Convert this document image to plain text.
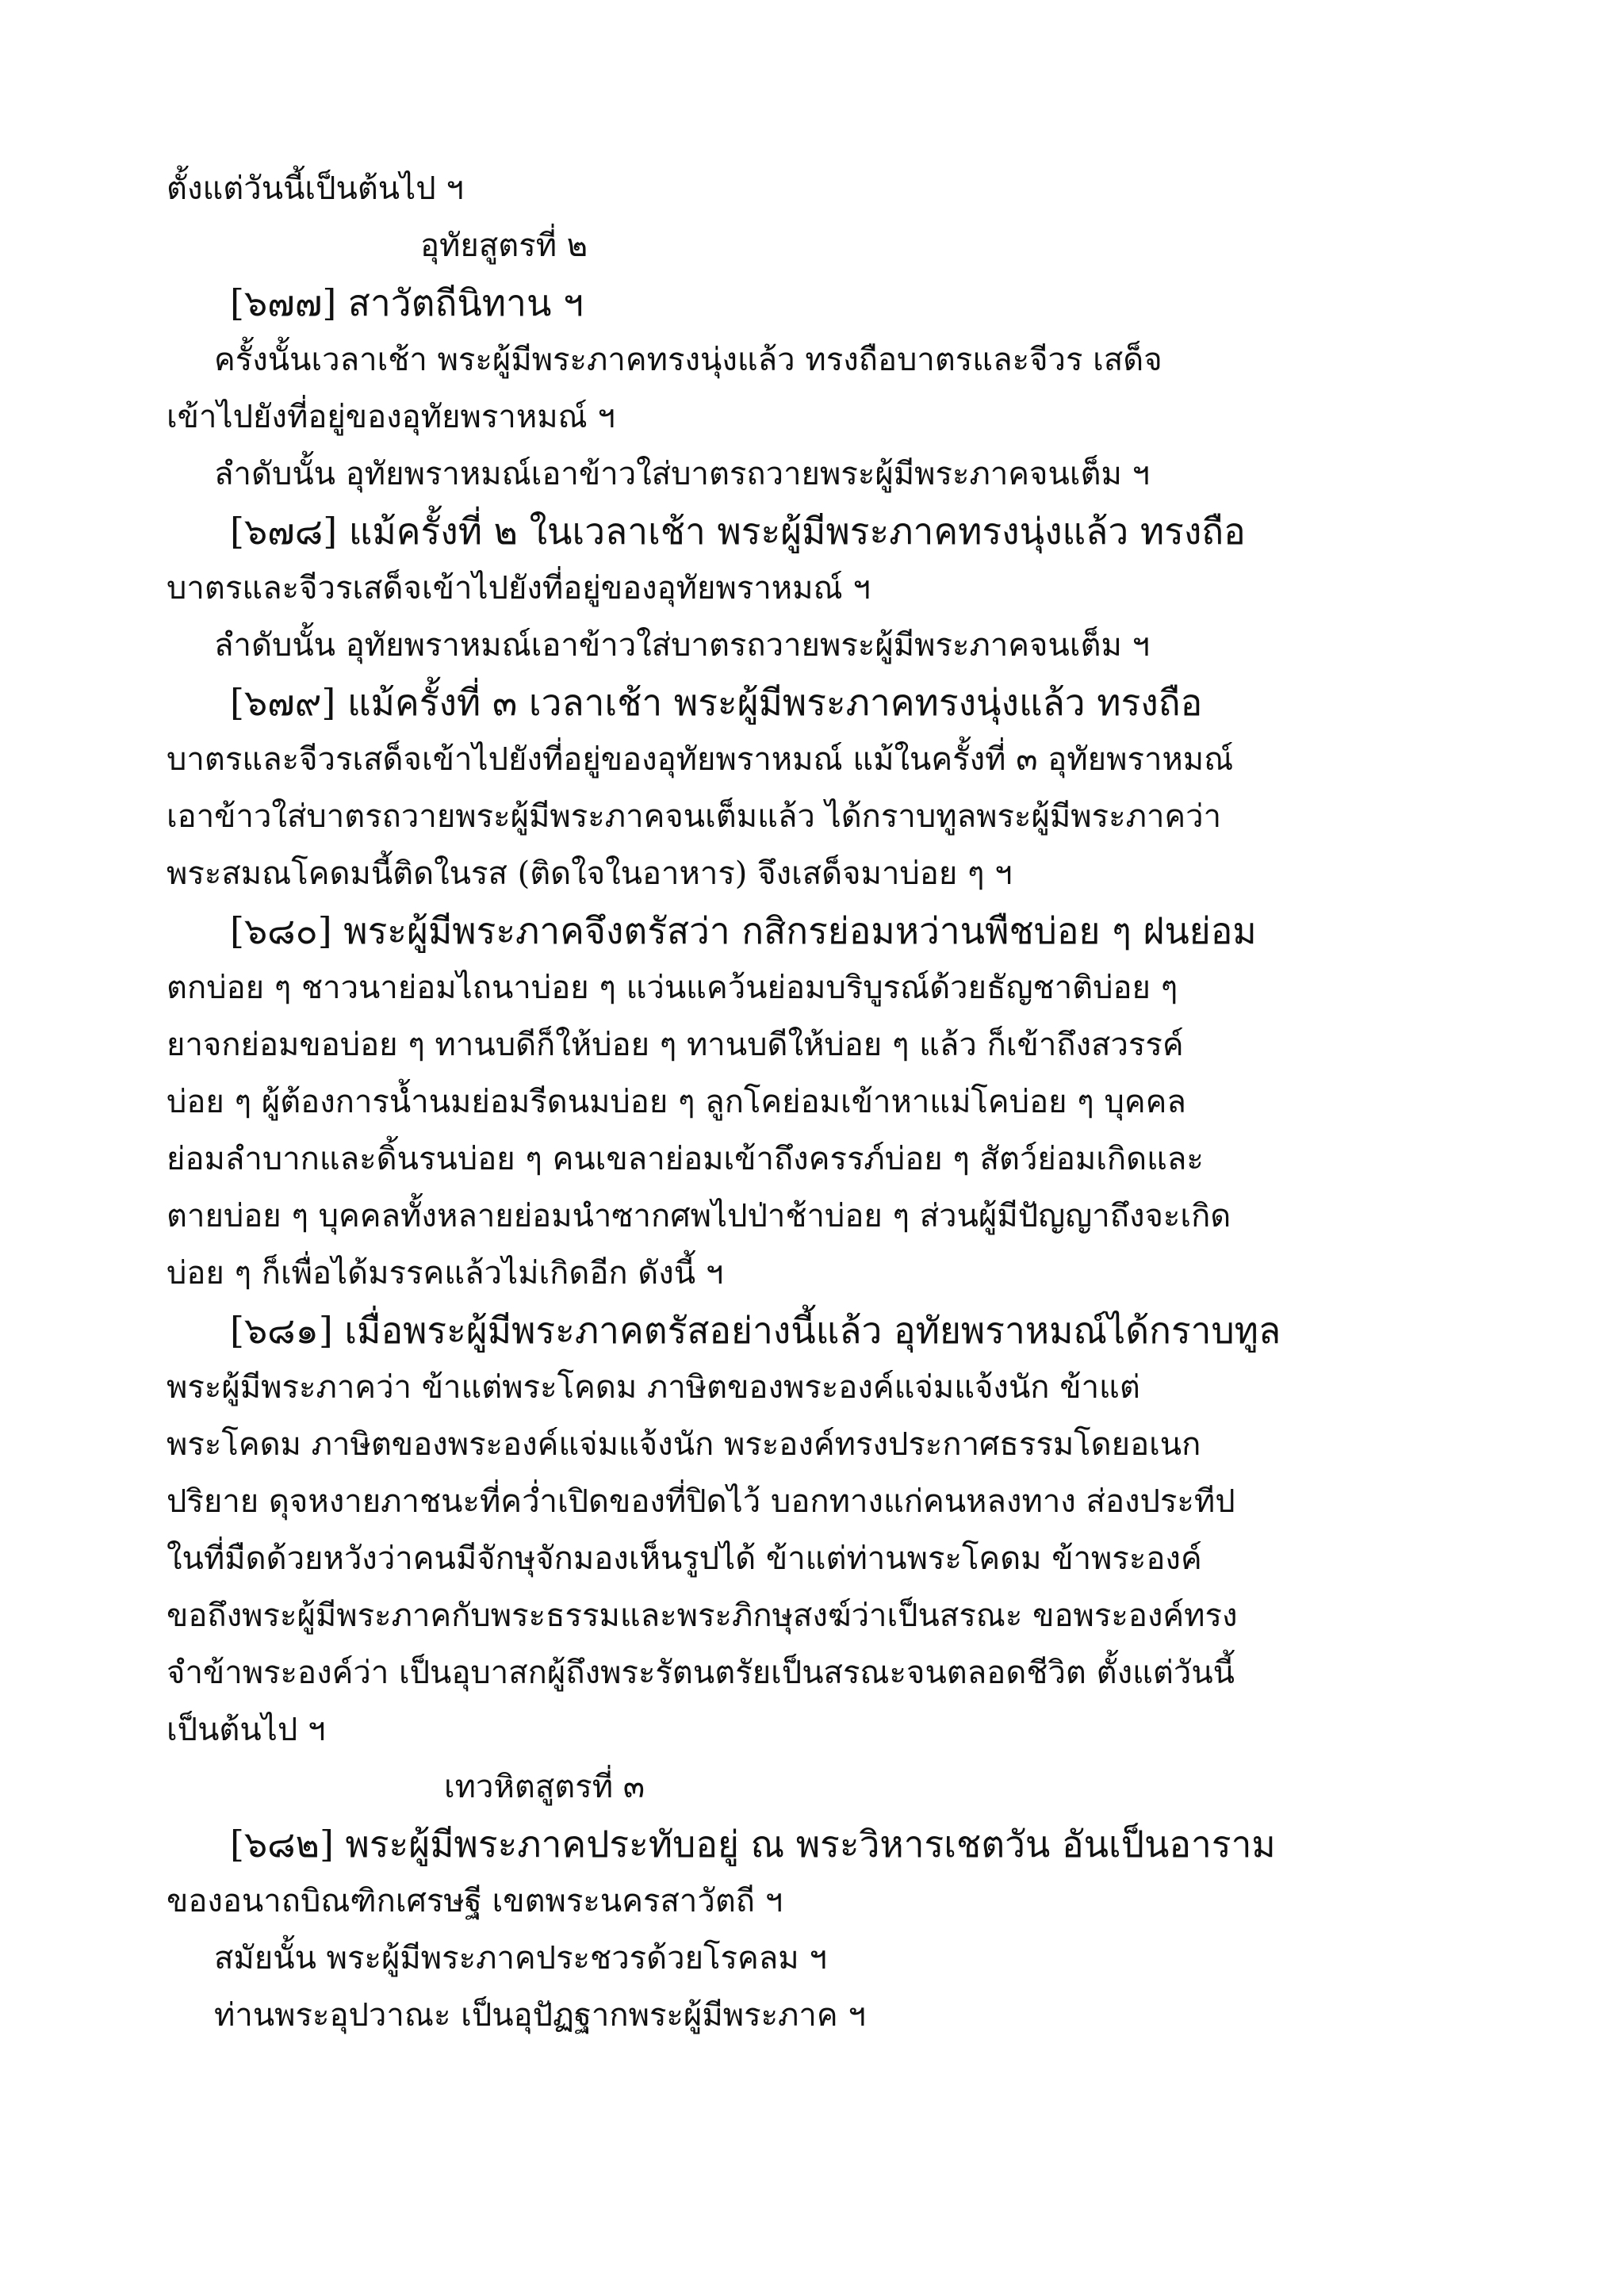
ตั้งแต่วันนี้เป็นต้นไป ฯ
อุทัยสูตรที่ ๒
[๖๗๗] สาวัตถีนิทาน ฯ
ครั้งนั้นเวลาเช้า พระผู้มีพระภาคทรงนุ่งแล้ว ทรงถือบาตรและจีวร เสด็จ
เข้าไปยังที่อยู่ของอุทัยพราหมณ์ ฯ
ลำดับนั้น อุทัยพราหมณ์เอาข้าวใส่บาตรถวายพระผู้มีพระภาคจนเต็ม ฯ
[๖๗๘] แม้ครั้งที่ ๒ ในเวลาเช้า พระผู้มีพระภาคทรงนุ่งแล้ว ทรงถือ
บาตรและจีวรเสด็จเข้าไปยังที่อยู่ของอุทัยพราหมณ์ ฯ
ลำดับนั้น อุทัยพราหมณ์เอาข้าวใส่บาตรถวายพระผู้มีพระภาคจนเต็ม ฯ
[๖๗๙] แม้ครั้งที่ ๓ เวลาเช้า พระผู้มีพระภาคทรงนุ่งแล้ว ทรงถือ
บาตรและจีวรเสด็จเข้าไปยังที่อยู่ของอุทัยพราหมณ์ แม้ในครั้งที่ ๓ อุทัยพราหมณ์
เอาข้าวใส่บาตรถวายพระผู้มีพระภาคจนเต็มแล้ว ได้กราบทูลพระผู้มีพระภาคว่า
พระสมณโคดมนี้ติดในรส (ติดใจในอาหาร) จึงเสด็จมาบ่อย ๆ ฯ
[๖๘๐] พระผู้มีพระภาคจึงตรัสว่า กสิกรย่อมหว่านพืชบ่อย ๆ ฝนย่อม
ตกบ่อย ๆ ชาวนาย่อมไถนาบ่อย ๆ แว่นแคว้นย่อมบริบูรณ์ด้วยธัญชาติบ่อย ๆ
ยาจกย่อมขอบ่อย ๆ ทานบดีก็ให้บ่อย ๆ ทานบดีให้บ่อย ๆ แล้ว ก็เข้าถึงสวรรค์
บ่อย ๆ ผู้ต้องการน้ำนมย่อมรีดนมบ่อย ๆ ลูกโคย่อมเข้าหาแม่โคบ่อย ๆ บุคคล
ย่อมลำบากและดิ้นรนบ่อย ๆ คนเขลาย่อมเข้าถึงครรภ์บ่อย ๆ สัตว์ย่อมเกิดและ
ตายบ่อย ๆ บุคคลทั้งหลายย่อมนำซากศพไปป่าช้าบ่อย ๆ ส่วนผู้มีปัญญาถึงจะเกิด
บ่อย ๆ ก็เพื่อได้มรรคแล้วไม่เกิดอีก ดังนี้ ฯ
[๖๘๑] เมื่อพระผู้มีพระภาคตรัสอย่างนี้แล้ว อุทัยพราหมณ์ได้กราบทูล
พระผู้มีพระภาคว่า ข้าแต่พระโคดม ภาษิตของพระองค์แจ่มแจ้งนัก ข้าแต่
พระโคดม ภาษิตของพระองค์แจ่มแจ้งนัก พระองค์ทรงประกาศธรรมโดยอเนก
ปริยาย ดุจหงายภาชนะที่คว่ำเปิดของที่ปิดไว้ บอกทางแก่คนหลงทาง ส่องประทีป
ในที่มืดด้วยหวังว่าคนมีจักษุจักมองเห็นรูปได้ ข้าแต่ท่านพระโคดม ข้าพระองค์
ขอถึงพระผู้มีพระภาคกับพระธรรมและพระภิกษุสงฆ์ว่าเป็นสรณะ ขอพระองค์ทรง
จำข้าพระองค์ว่า เป็นอุบาสกผู้ถึงพระรัตนตรัยเป็นสรณะจนตลอดชีวิต ตั้งแต่วันนี้
เป็นต้นไป ฯ
เทวหิตสูตรที่ ๓
[๖๘๒] พระผู้มีพระภาคประทับอยู่ ณ พระวิหารเชตวัน อันเป็นอาราม
ของอนาถบิณฑิกเศรษฐี เขตพระนครสาวัตถี ฯ
สมัยนั้น พระผู้มีพระภาคประชวรด้วยโรคลม ฯ
ท่านพระอุปวาณะ เป็นอุปัฏฐากพระผู้มีพระภาค ฯ
